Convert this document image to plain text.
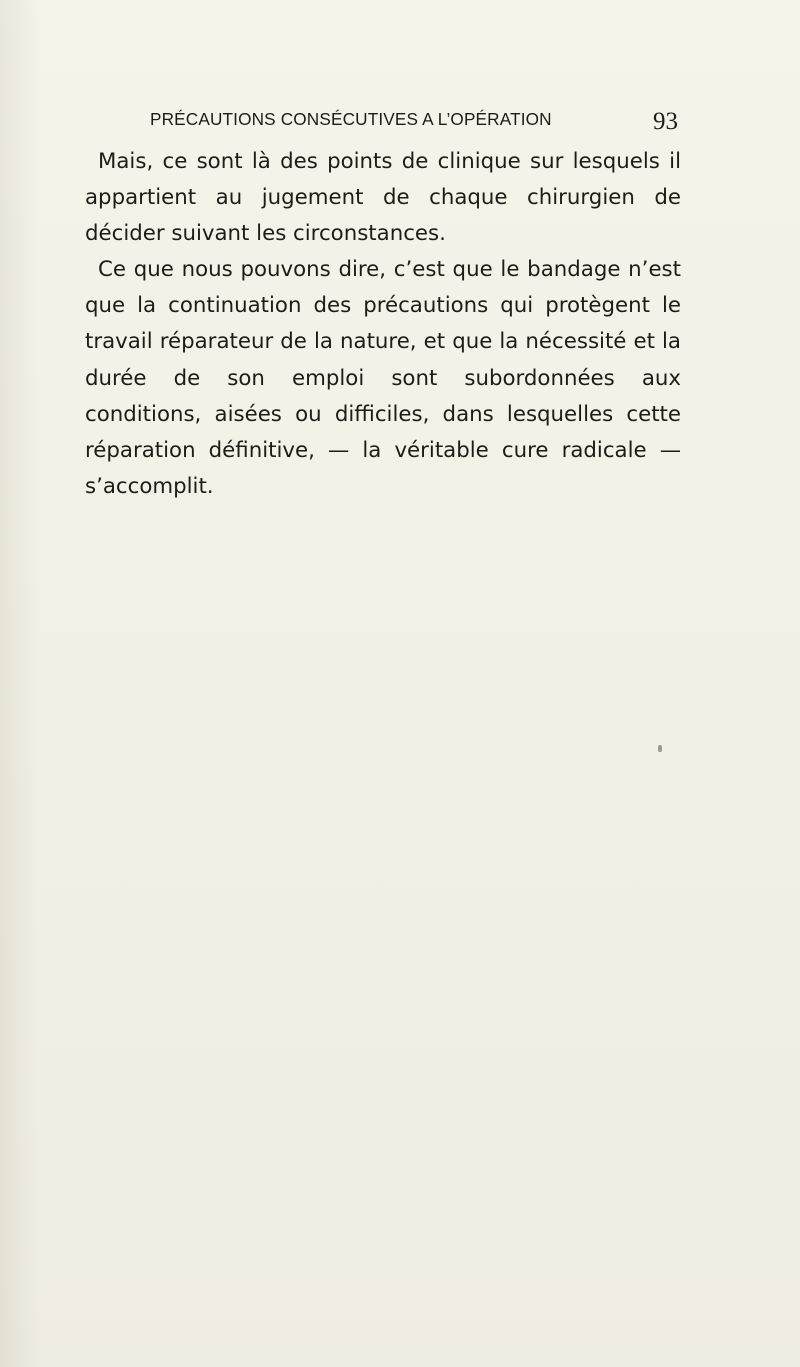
PRÉCAUTIONS CONSÉCUTIVES A L’OPÉRATION	93

Mais, ce sont là des points de clinique sur lesquels il appartient au jugement de chaque chirurgien de décider suivant les circonstances.

Ce que nous pouvons dire, c’est que le bandage n’est que la continuation des précautions qui protègent le travail réparateur de la nature, et que la nécessité et la durée de son emploi sont subordonnées aux conditions, aisées ou difficiles, dans lesquelles cette réparation définitive, — la véritable cure radicale — s’accomplit.
